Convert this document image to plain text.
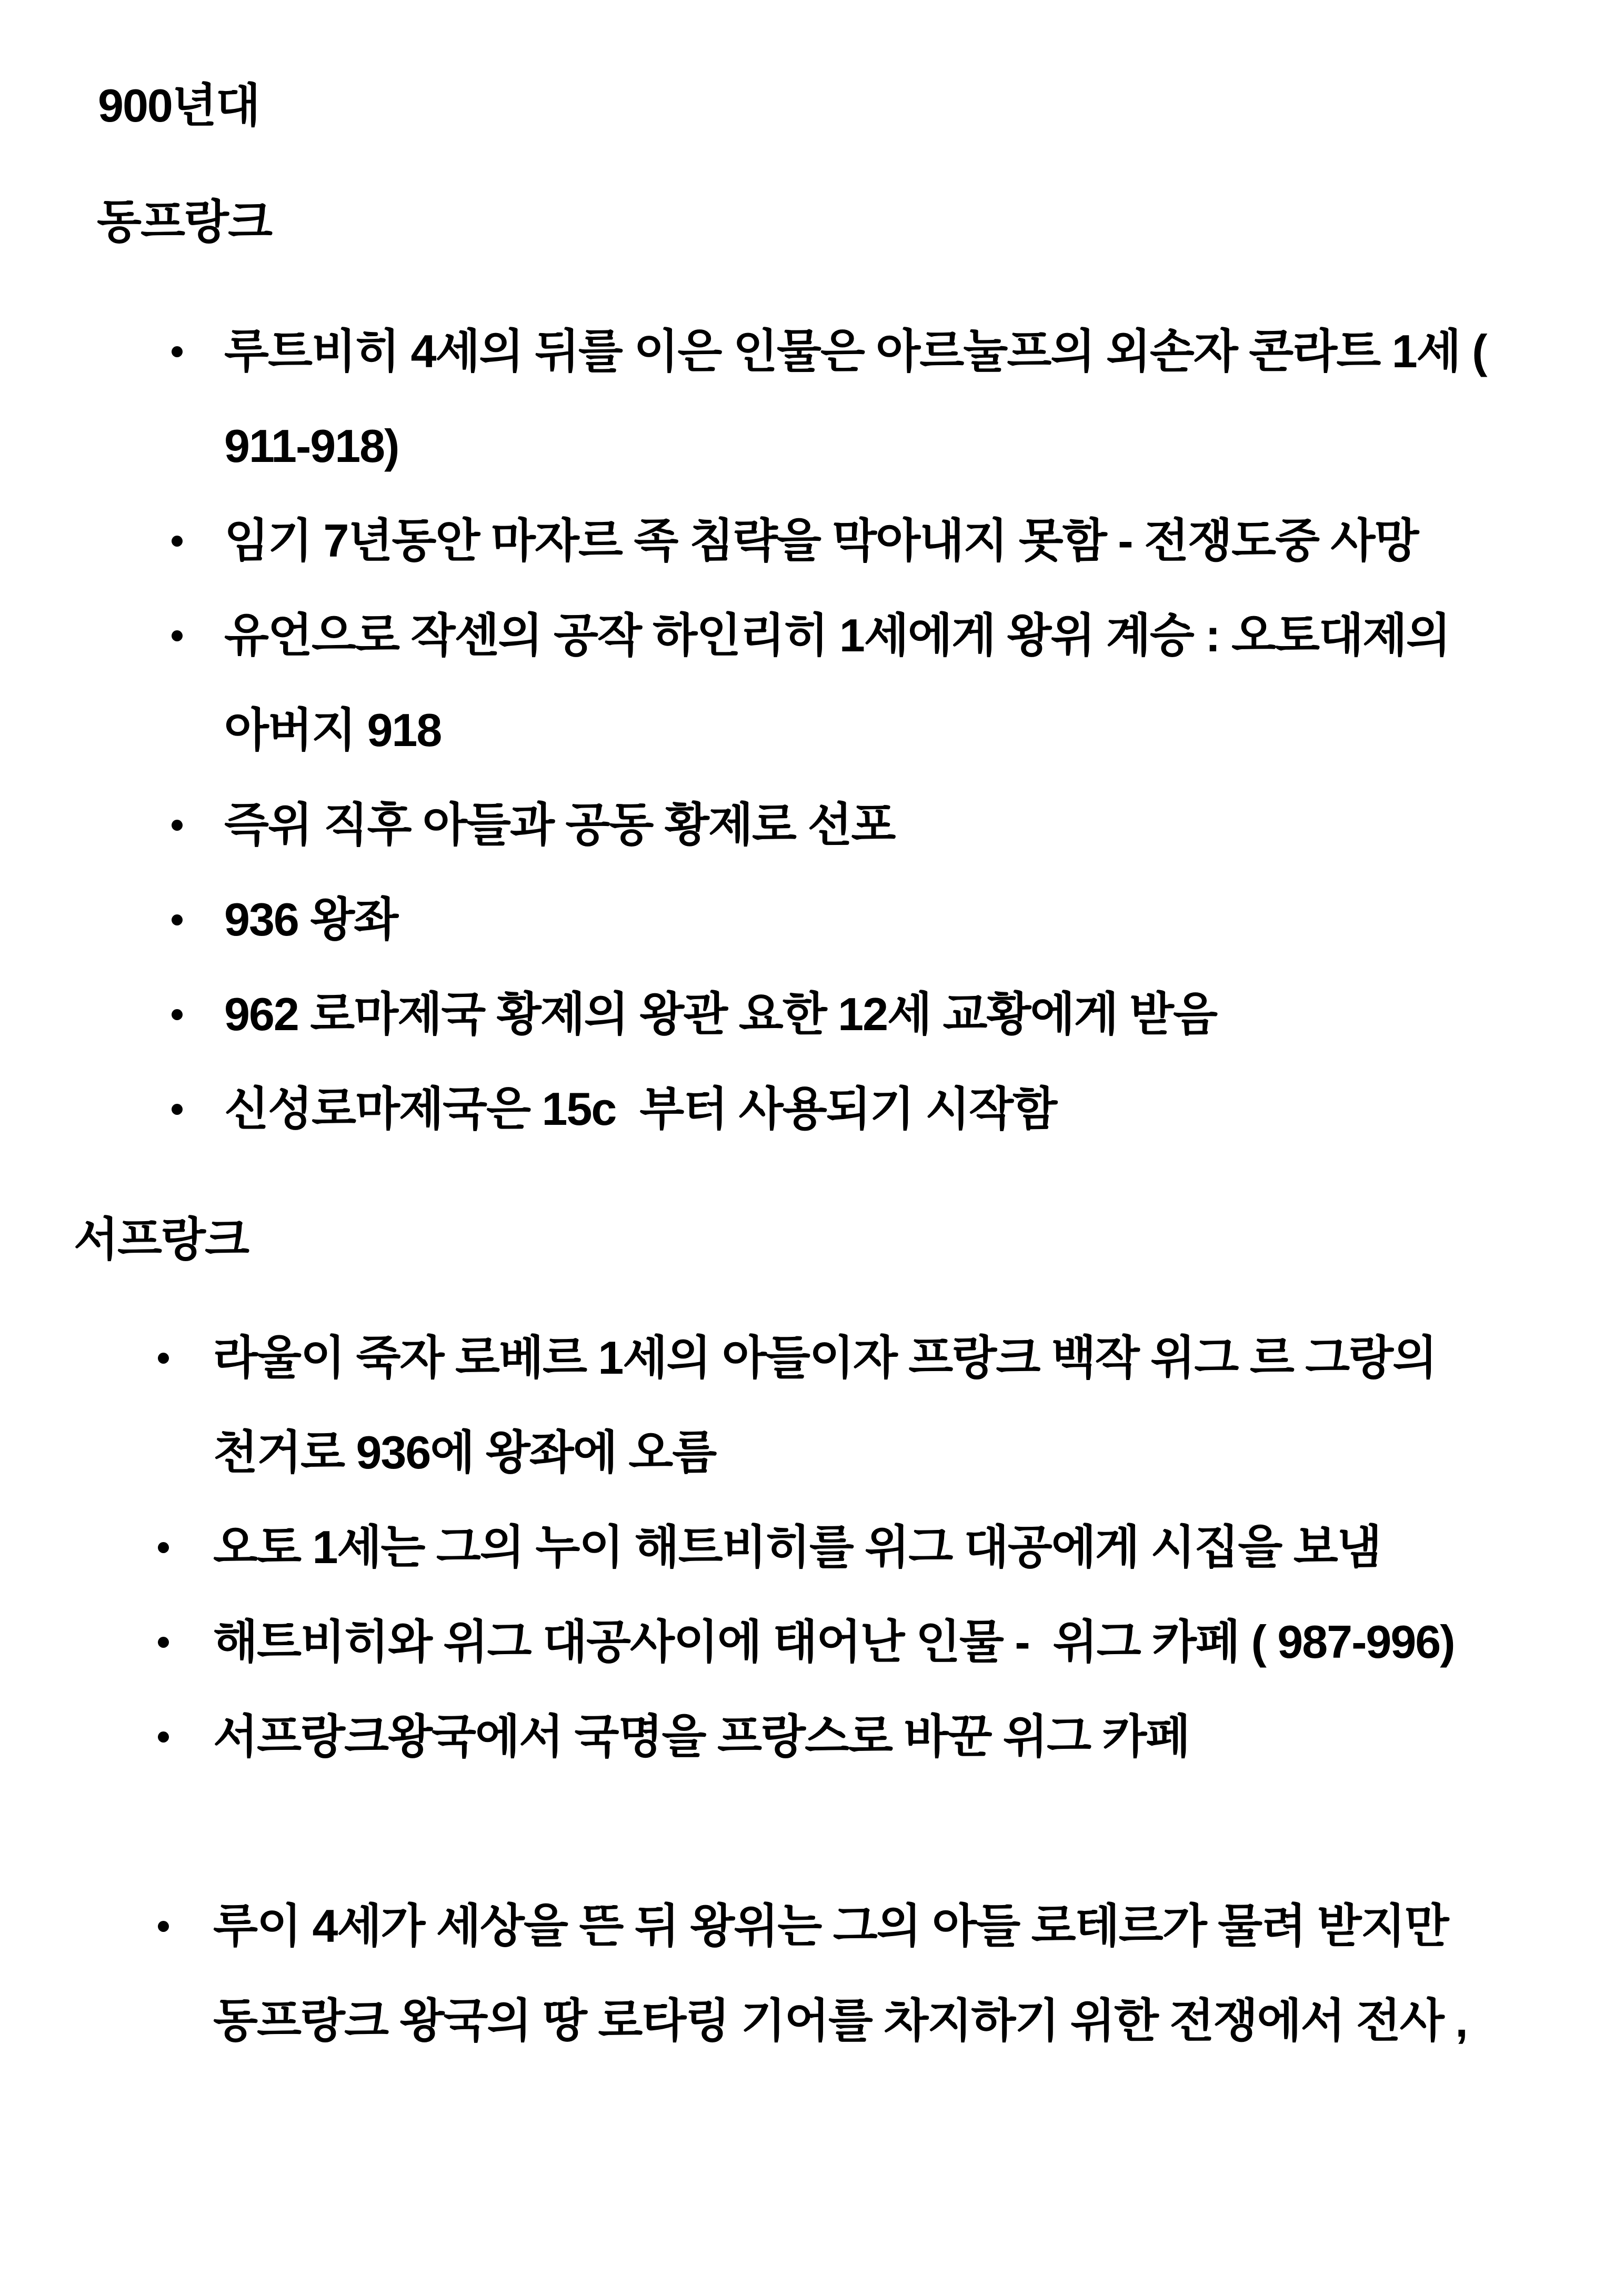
900년대
동프랑크
루트비히 4세의 뒤를 이은 인물은 아르눌프의 외손자 콘라트 1세 ( 911-918)
임기 7년동안 마자르 족 침략을 막아내지 못함 - 전쟁도중 사망
유언으로 작센의 공작 하인리히 1세에게 왕위 계승 : 오토대제의 아버지 918
즉위 직후 아들과 공동 황제로 선포
936 왕좌
962 로마제국 황제의 왕관 요한 12세 교황에게 받음
신성로마제국은 15c  부터 사용되기 시작함
서프랑크
라울이 죽자 로베르 1세의 아들이자 프랑크 백작 위그 르 그랑의 천거로 936에 왕좌에 오름
오토 1세는 그의 누이 해트비히를 위그 대공에게 시집을 보냄
해트비히와 위그 대공사이에 태어난 인물 -  위그 카페 ( 987-996)
서프랑크왕국에서 국명을 프랑스로 바꾼 위그 카페
루이 4세가 세상을 뜬 뒤 왕위는 그의 아들 로테르가 물려 받지만 동프랑크 왕국의 땅 로타링 기어를 차지하기 위한 전쟁에서 전사 ,
